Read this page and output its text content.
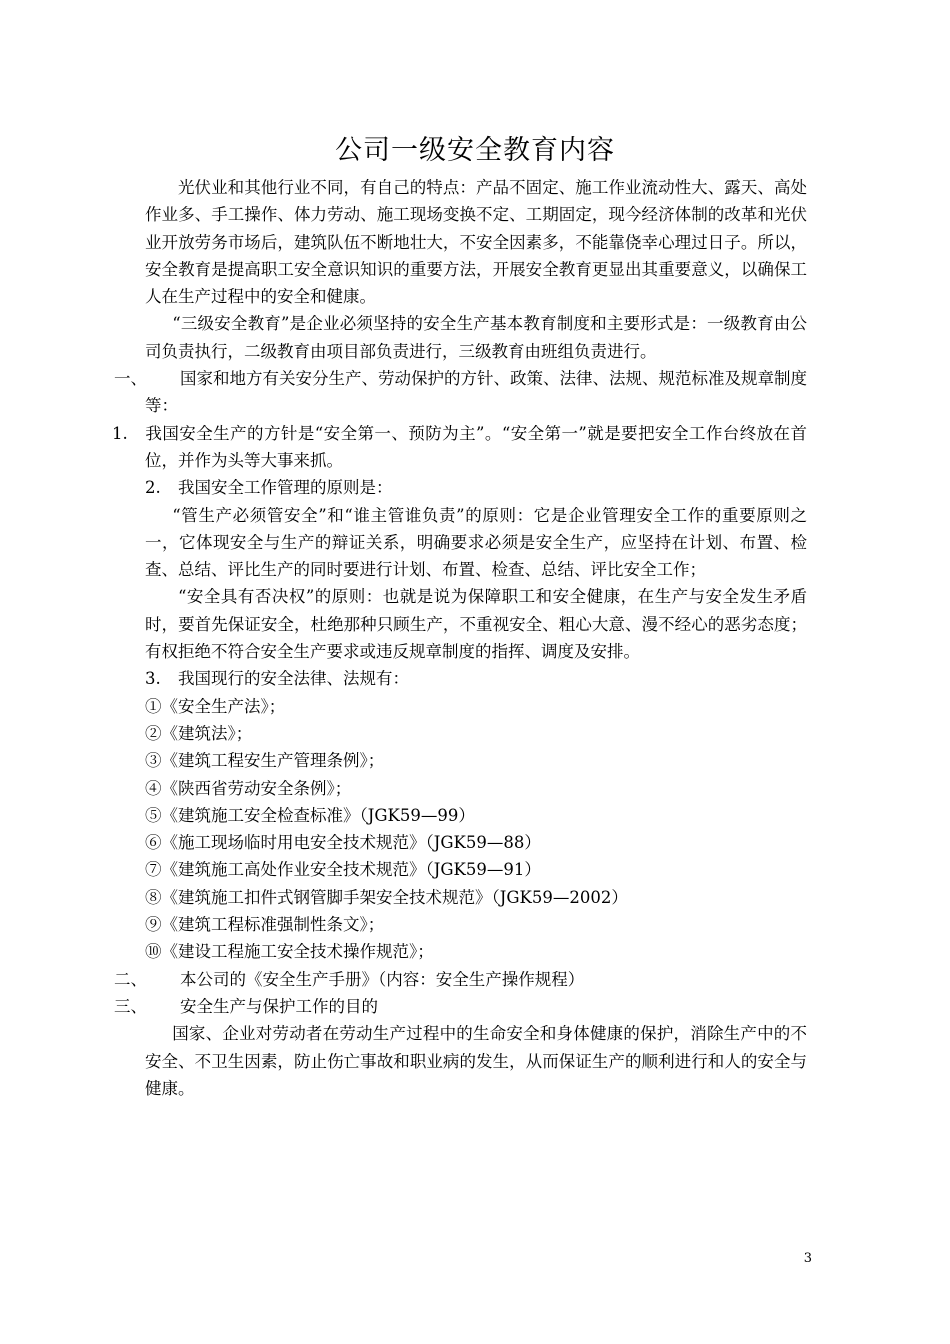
公司一级安全教育内容

光伏业和其他行业不同，有自己的特点：产品不固定、施工作业流动性大、露天、高处作业多、手工操作、体力劳动、施工现场变换不定、工期固定，现今经济体制的改革和光伏业开放劳务市场后，建筑队伍不断地壮大，不安全因素多，不能靠侥幸心理过日子。所以，安全教育是提高职工安全意识知识的重要方法，开展安全教育更显出其重要意义，以确保工人在生产过程中的安全和健康。

“三级安全教育”是企业必须坚持的安全生产基本教育制度和主要形式是：一级教育由公司负责执行，二级教育由项目部负责进行，三级教育由班组负责进行。

一、 国家和地方有关安分生产、劳动保护的方针、政策、法律、法规、规范标准及规章制度等：

1. 我国安全生产的方针是“安全第一、预防为主”。“安全第一”就是要把安全工作台终放在首位，并作为头等大事来抓。

2. 我国安全工作管理的原则是：

“管生产必须管安全”和“谁主管谁负责”的原则：它是企业管理安全工作的重要原则之一，它体现安全与生产的辩证关系，明确要求必须是安全生产，应坚持在计划、布置、检查、总结、评比生产的同时要进行计划、布置、检查、总结、评比安全工作；

“安全具有否决权”的原则：也就是说为保障职工和安全健康，在生产与安全发生矛盾时，要首先保证安全，杜绝那种只顾生产，不重视安全、粗心大意、漫不经心的恶劣态度；有权拒绝不符合安全生产要求或违反规章制度的指挥、调度及安排。

3. 我国现行的安全法律、法规有：

①《安全生产法》；

②《建筑法》；

③《建筑工程安生产管理条例》；

④《陕西省劳动安全条例》；

⑤《建筑施工安全检查标准》（JGK59—99）

⑥《施工现场临时用电安全技术规范》（JGK59—88）

⑦《建筑施工高处作业安全技术规范》（JGK59—91）

⑧《建筑施工扣件式钢管脚手架安全技术规范》（JGK59—2002）

⑨《建筑工程标准强制性条文》；

⑩《建设工程施工安全技术操作规范》；

二、 本公司的《安全生产手册》（内容：安全生产操作规程）

三、 安全生产与保护工作的目的

国家、企业对劳动者在劳动生产过程中的生命安全和身体健康的保护，消除生产中的不安全、不卫生因素，防止伤亡事故和职业病的发生，从而保证生产的顺利进行和人的安全与健康。

3
